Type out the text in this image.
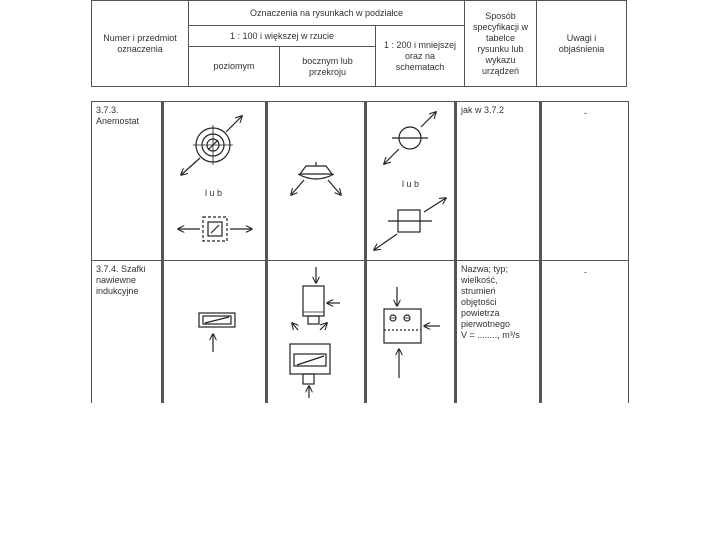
Numer i przedmiot oznaczenia
Oznaczenia na rysunkach w podziałce
1 : 100 i większej w rzucie
poziomym
bocznym lub przekroju
1 : 200 i mniejszej oraz na schematach
Sposób specyfikacji w tabelce rysunku lub wykazu urządzeń
Uwagi i objaśnienia
3.7.3. Anemostat
jak w 3.7.2	-
3.7.4. Szafki nawiewne indukcyjne
Nazwa; typ;
wielkość,
strumień
objętości
powietrza
pierwotnego
V = ........, m³/s
-
l u b
l u b
